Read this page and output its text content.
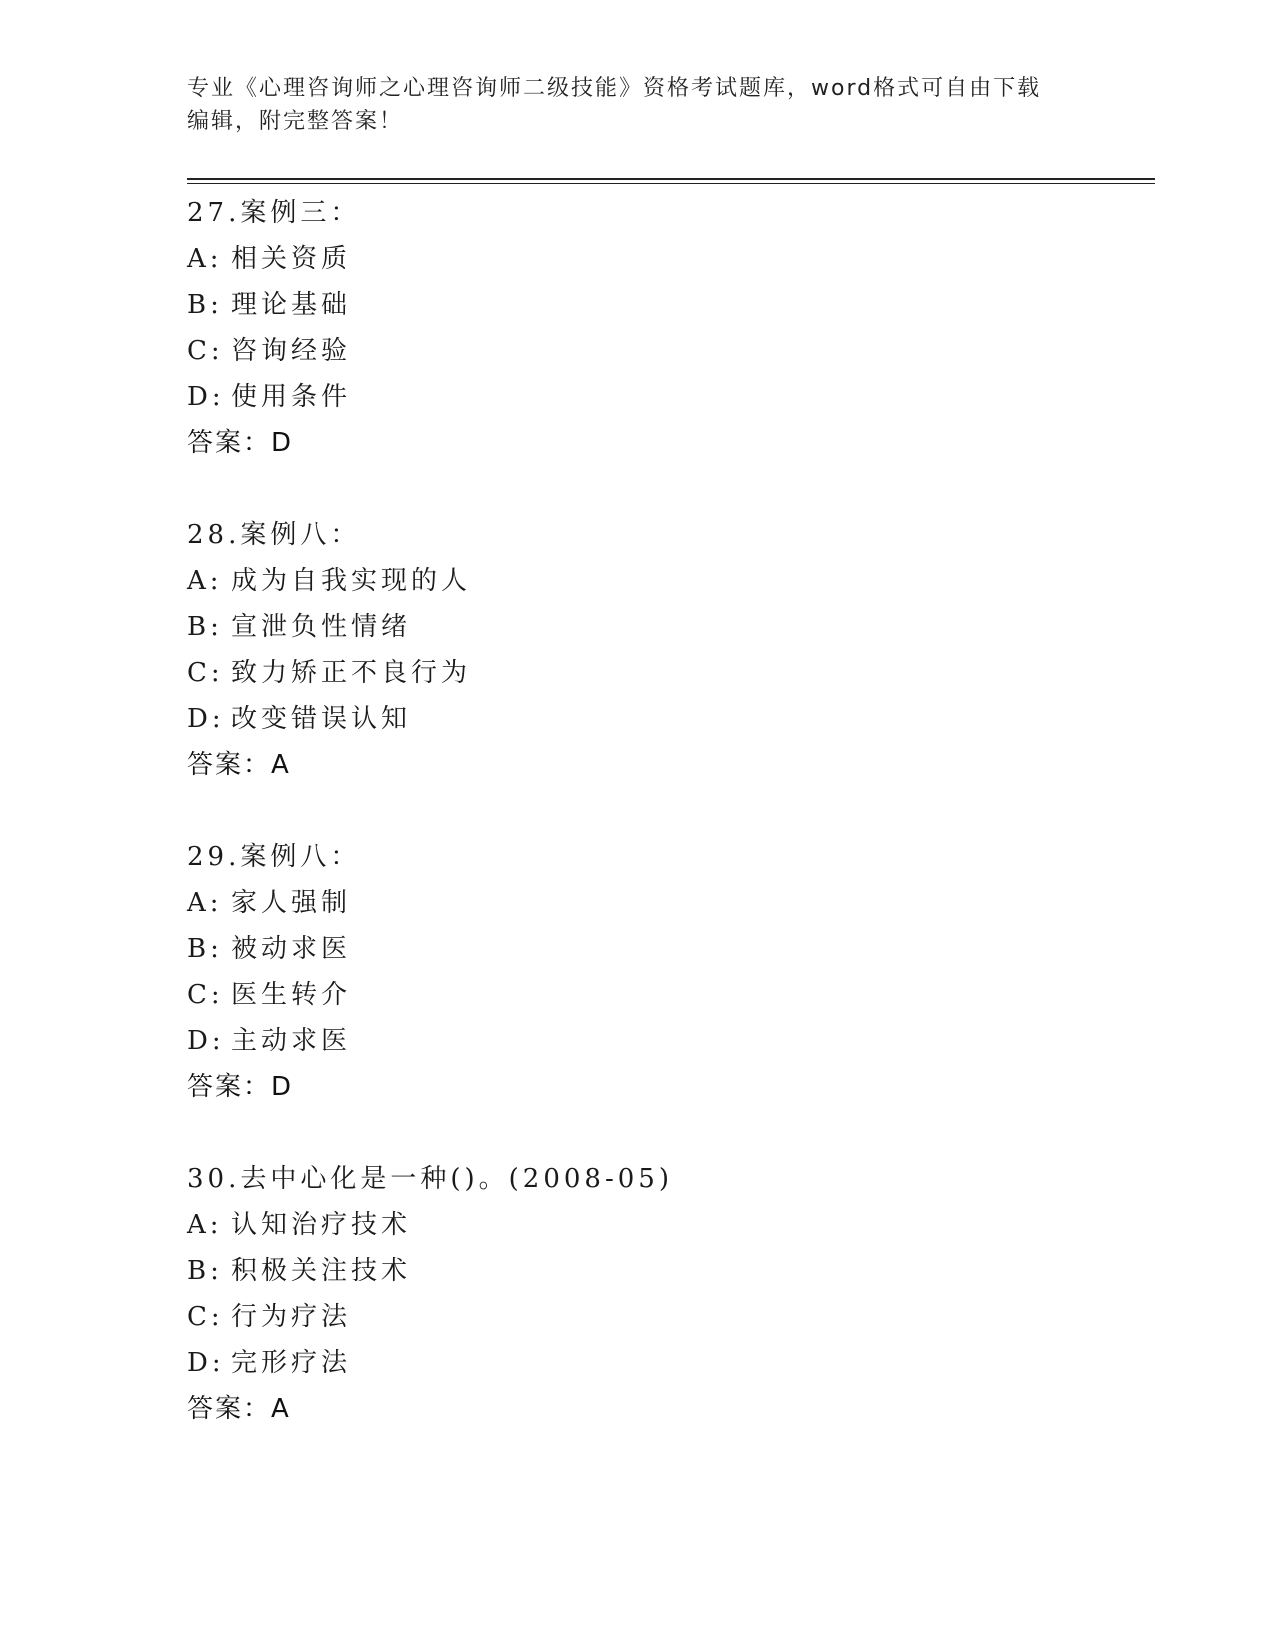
专业《心理咨询师之心理咨询师二级技能》资格考试题库，word格式可自由下载
编辑，附完整答案！
27.案例三：
A: 相关资质
B: 理论基础
C: 咨询经验
D: 使用条件
答案：D
28.案例八：
A: 成为自我实现的人
B: 宣泄负性情绪
C: 致力矫正不良行为
D: 改变错误认知
答案：A
29.案例八：
A: 家人强制
B: 被动求医
C: 医生转介
D: 主动求医
答案：D
30.去中心化是一种()。(2008-05)
A: 认知治疗技术
B: 积极关注技术
C: 行为疗法
D: 完形疗法
答案：A
